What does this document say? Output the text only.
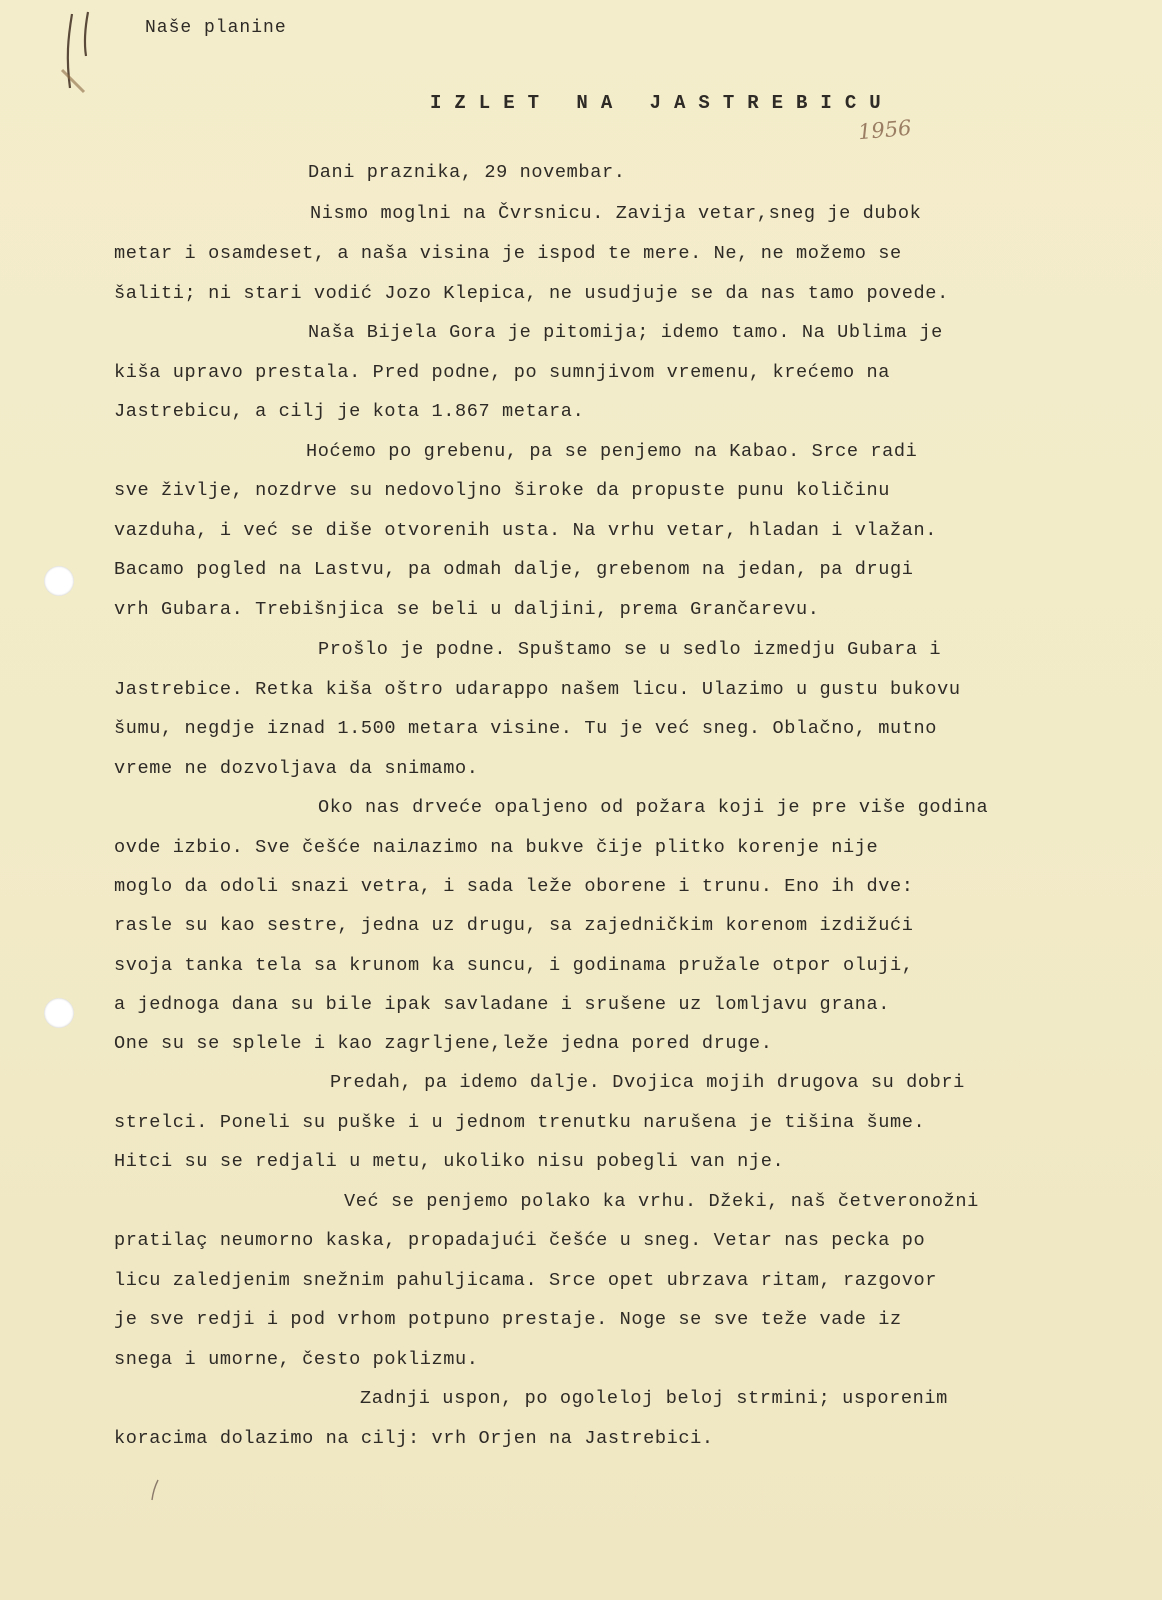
Naše planine
IZLET NA JASTREBICU
1956
Dani praznika, 29 novembar.
Nismo moglni na Čvrsnicu. Zavija vetar,sneg je dubok
metar i osamdeset, a naša visina je ispod te mere. Ne, ne možemo se
šaliti; ni stari vodić Jozo Klepica, ne usudjuje se da nas tamo povede.
Naša Bijela Gora je pitomija; idemo tamo. Na Ublima je
kiša upravo prestala. Pred podne, po sumnjivom vremenu, krećemo na
Jastrebicu, a cilj je kota 1.867 metara.
Hoćemo po grebenu, pa se penjemo na Kabao. Srce radi
sve življe, nozdrve su nedovoljno široke da propuste punu količinu
vazduha, i već se diše otvorenih usta. Na vrhu vetar, hladan i vlažan.
Bacamo pogled na Lastvu, pa odmah dalje, grebenom na jedan, pa drugi
vrh Gubara. Trebišnjica se beli u daljini, prema Grančarevu.
Prošlo je podne. Spuštamo se u sedlo izmedju Gubara i
Jastrebice. Retka kiša oštro udarappo našem licu. Ulazimo u gustu bukovu
šumu, negdje iznad 1.500 metara visine. Tu je već sneg. Oblačno, mutno
vreme ne dozvoljava da snimamo.
Oko nas drveće opaljeno od požara koji je pre više godina
ovde izbio. Sve češće naiлazimo na bukve čije plitko korenje nije
moglo da odoli snazi vetra, i sada leže oborene i trunu. Eno ih dve:
rasle su kao sestre, jedna uz drugu, sa zajedničkim korenom izdižući
svoja tanka tela sa krunom ka suncu, i godinama pružale otpor oluji,
a jednoga dana su bile ipak savladane i srušene uz lomljavu grana.
One su se splele i kao zagrljene,leže jedna pored druge.
Predah, pa idemo dalje. Dvojica mojih drugova su dobri
strelci. Poneli su puške i u jednom trenutku narušena je tišina šume.
Hitci su se redjali u metu, ukoliko nisu pobegli van nje.
Već se penjemo polako ka vrhu. Džeki, naš četveronožni
pratilaç neumorno kaska, propadajući češće u sneg. Vetar nas pecka po
licu zaledjenim snežnim pahuljicama. Srce opet ubrzava ritam, razgovor
je sve redji i pod vrhom potpuno prestaje. Noge se sve teže vade iz
snega i umorne, često poklizmu.
Zadnji uspon, po ogolelој beloj strmini; usporenim
koracima dolazimo na cilj: vrh Orjen na Jastrebici.
